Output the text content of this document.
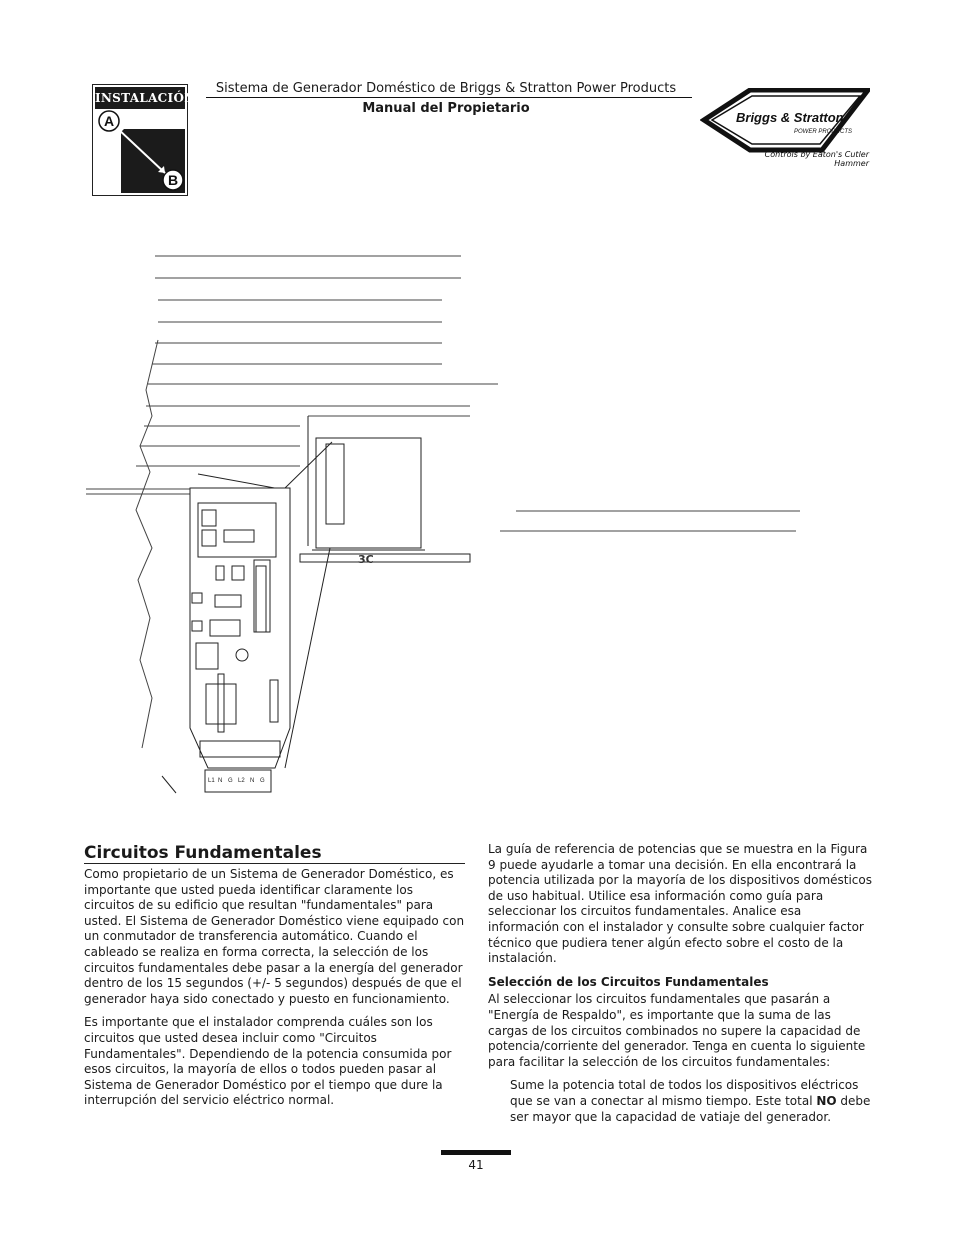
INSTALACIÓN
A
B
Sistema de Generador Doméstico de Briggs & Stratton Power Products
Manual del Propietario
Briggs & Stratton
POWER PRODUCTS
Controls by Eaton's Cutler Hammer
L1 N G L2 N G
3C
Circuitos Fundamentales

Como propietario de un Sistema de Generador Doméstico, es importante que usted pueda identificar claramente los circuitos de su edificio que resultan "fundamentales" para usted. El Sistema de Generador Doméstico viene equipado con un conmutador de transferencia automático. Cuando el cableado se realiza en forma correcta, la selección de los circuitos fundamentales debe pasar a la energía del generador dentro de los 15 segundos (+/- 5 segundos) después de que el generador haya sido conectado y puesto en funcionamiento.

Es importante que el instalador comprenda cuáles son los circuitos que usted desea incluir como "Circuitos Fundamentales". Dependiendo de la potencia consumida por esos circuitos, la mayoría de ellos o todos pueden pasar al Sistema de Generador Doméstico por el tiempo que dure la interrupción del servicio eléctrico normal.

La guía de referencia de potencias que se muestra en la Figura 9 puede ayudarle a tomar una decisión. En ella encontrará la potencia utilizada por la mayoría de los dispositivos domésticos de uso habitual. Utilice esa información como guía para seleccionar los circuitos fundamentales. Analice esa información con el instalador y consulte sobre cualquier factor técnico que pudiera tener algún efecto sobre el costo de la instalación.

Selección de los Circuitos Fundamentales

Al seleccionar los circuitos fundamentales que pasarán a "Energía de Respaldo", es importante que la suma de las cargas de los circuitos combinados no supere la capacidad de potencia/corriente del generador. Tenga en cuenta lo siguiente para facilitar la selección de los circuitos fundamentales:

Sume la potencia total de todos los dispositivos eléctricos que se van a conectar al mismo tiempo. Este total NO debe ser mayor que la capacidad de vatiaje del generador.

41
